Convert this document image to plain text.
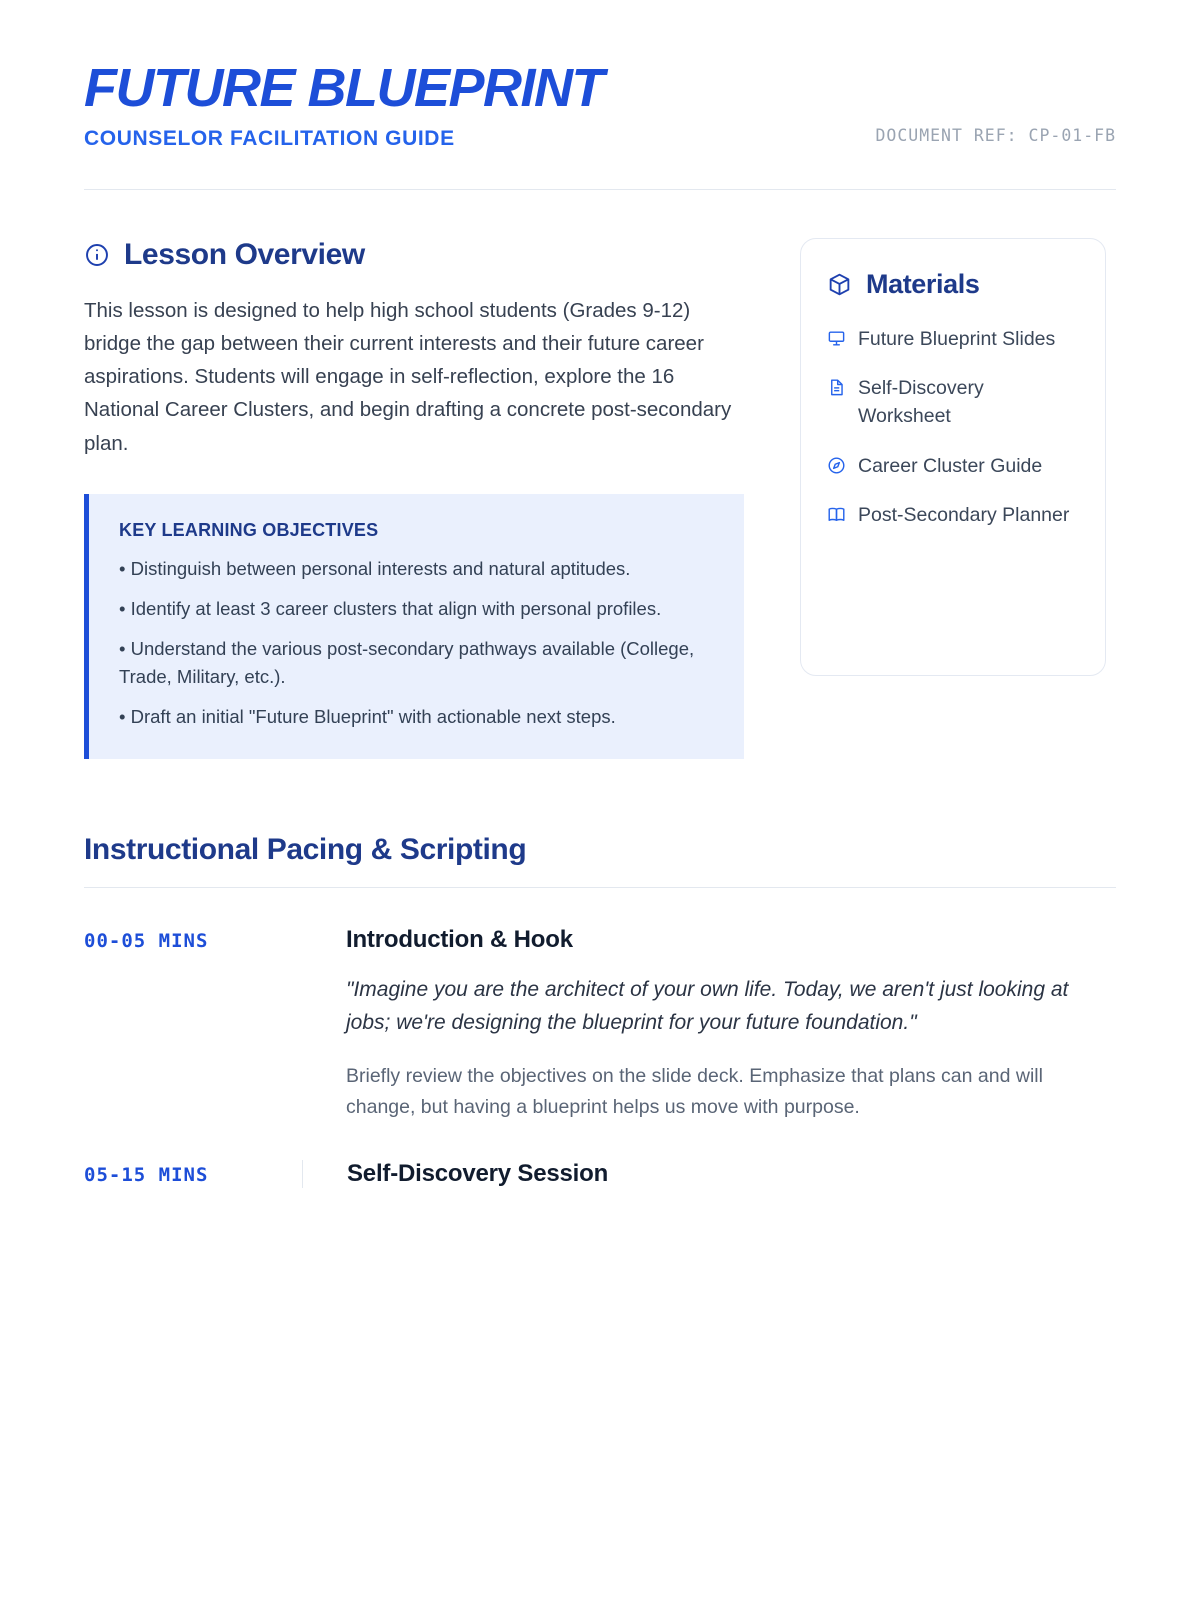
FUTURE BLUEPRINT
COUNSELOR FACILITATION GUIDE	DOCUMENT REF: CP-01-FB
Lesson Overview

This lesson is designed to help high school students (Grades 9-12) bridge the gap between their current interests and their future career aspirations. Students will engage in self-reflection, explore the 16 National Career Clusters, and begin drafting a concrete post-secondary plan.

KEY LEARNING OBJECTIVES
• Distinguish between personal interests and natural aptitudes.
• Identify at least 3 career clusters that align with personal profiles.
• Understand the various post-secondary pathways available (College, Trade, Military, etc.).
• Draft an initial "Future Blueprint" with actionable next steps.
Materials
Future Blueprint Slides
Self-Discovery Worksheet
Career Cluster Guide
Post-Secondary Planner
Instructional Pacing & Scripting
00-05 MINS	Introduction & Hook
"Imagine you are the architect of your own life. Today, we aren't just looking at jobs; we're designing the blueprint for your future foundation."
Briefly review the objectives on the slide deck. Emphasize that plans can and will change, but having a blueprint helps us move with purpose.
05-15 MINS	Self-Discovery Session
